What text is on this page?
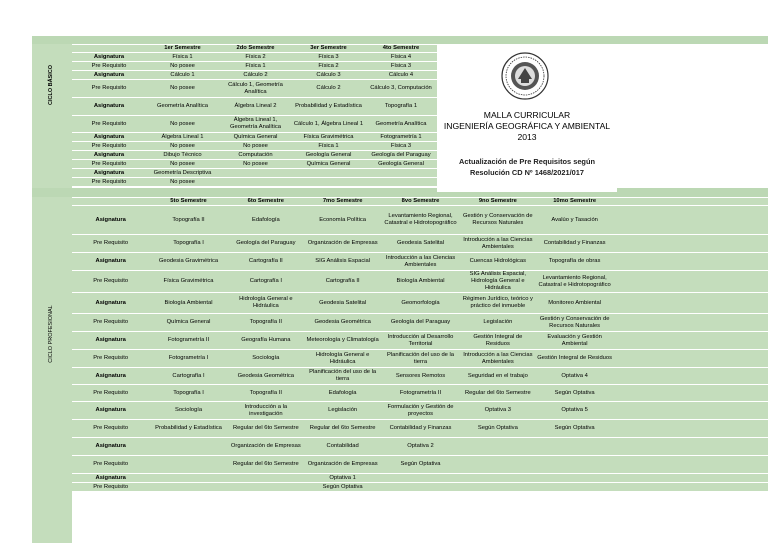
CICLO BÁSICO
CICLO PROFESIONAL
	1er Semestre	2do Semestre	3er Semestre	4to Semestre
Asignatura	Física 1	Física 2	Física 3	Física 4
Pre Requisito	No posee	Física 1	Física 2	Física 3
Asignatura	Cálculo 1	Cálculo 2	Cálculo 3	Cálculo 4
Pre Requisito	No posee	Cálculo 1, Geometría Analítica	Cálculo 2	Cálculo 3, Computación
Asignatura	Geometría Analítica	Álgebra Lineal 2	Probabilidad y Estadística	Topografía 1
Pre Requisito	No posee	Álgebra Lineal 1, Geometría Analítica	Cálculo 1, Álgebra Lineal 1	Geometría Analítica
Asignatura	Álgebra Lineal 1	Química General	Física Gravimétrica	Fotogrametría 1
Pre Requisito	No posee	No posee	Física 1	Física 3
Asignatura	Dibujo Técnico	Computación	Geología General	Geología del Paraguay
Pre Requisito	No posee	No posee	Química General	Geología General
Asignatura	Geometría Descriptiva			
Pre Requisito	No posee			
MALLA CURRICULAR
INGENIERÍA GEOGRÁFICA Y AMBIENTAL
2013
Actualización de Pre Requisitos según
Resolución CD Nº 1468/2021/017
	5to Semestre	6to Semestre	7mo Semestre	8vo Semestre	9no Semestre	10mo Semestre		
Asignatura	Topografía II	Edafología	Economía Política	Levantamiento Regional, Catastral e Hidrotopográfico	Gestión y Conservación de Recursos Naturales	Avalúo y Tasación		
Pre Requisito	Topografía I	Geología del Paraguay	Organización de Empresas	Geodesia Satelital	Introducción a las Ciencias Ambientales	Contabilidad y Finanzas		
Asignatura	Geodesia Gravimétrica	Cartografía II	SIG Análisis Espacial	Introducción a las Ciencias Ambientales	Cuencas Hidrológicas	Topografía de obras		
Pre Requisito	Física Gravimétrica	Cartografía I	Cartografía II	Biología Ambiental	SIG Análisis Espacial, Hidrología General e Hidráulica	Levantamiento Regional, Catastral e Hidrotopográfico		
Asignatura	Biología Ambiental	Hidrología General e Hidráulica	Geodesia Satelital	Geomorfología	Régimen Jurídico, teórico y práctico del inmueble	Monitoreo Ambiental		
Pre Requisito	Química General	Topografía II	Geodesia Geométrica	Geología del Paraguay	Legislación	Gestión y Conservación de Recursos Naturales		
Asignatura	Fotogrametría II	Geografía Humana	Meteorología y Climatología	Introducción al Desarrollo Territorial	Gestión Integral de Residuos	Evaluación y Gestión Ambiental		
Pre Requisito	Fotogrametría I	Sociología	Hidrología General e Hidráulica	Planificación del uso de la tierra	Introducción a las Ciencias Ambientales	Gestión Integral de Residuos		
Asignatura	Cartografía I	Geodesia Geométrica	Planificación del uso de la tierra	Sensores Remotos	Seguridad en el trabajo	Optativa 4		
Pre Requisito	Topografía I	Topografía II	Edafología	Fotogrametría II	Regular del 6to Semestre	Según Optativa		
Asignatura	Sociología	Introducción a la investigación	Legislación	Formulación y Gestión de proyectos	Optativa 3	Optativa 5		
Pre Requisito	Probabilidad y Estadística	Regular del 6to Semestre	Regular del 6to Semestre	Contabilidad y Finanzas	Según Optativa	Según Optativa		
Asignatura		Organización de Empresas	Contabilidad	Optativa 2				
Pre Requisito		Regular del 6to Semestre	Organización de Empresas	Según Optativa				
Asignatura			Optativa 1					
Pre Requisito			Según Optativa					
